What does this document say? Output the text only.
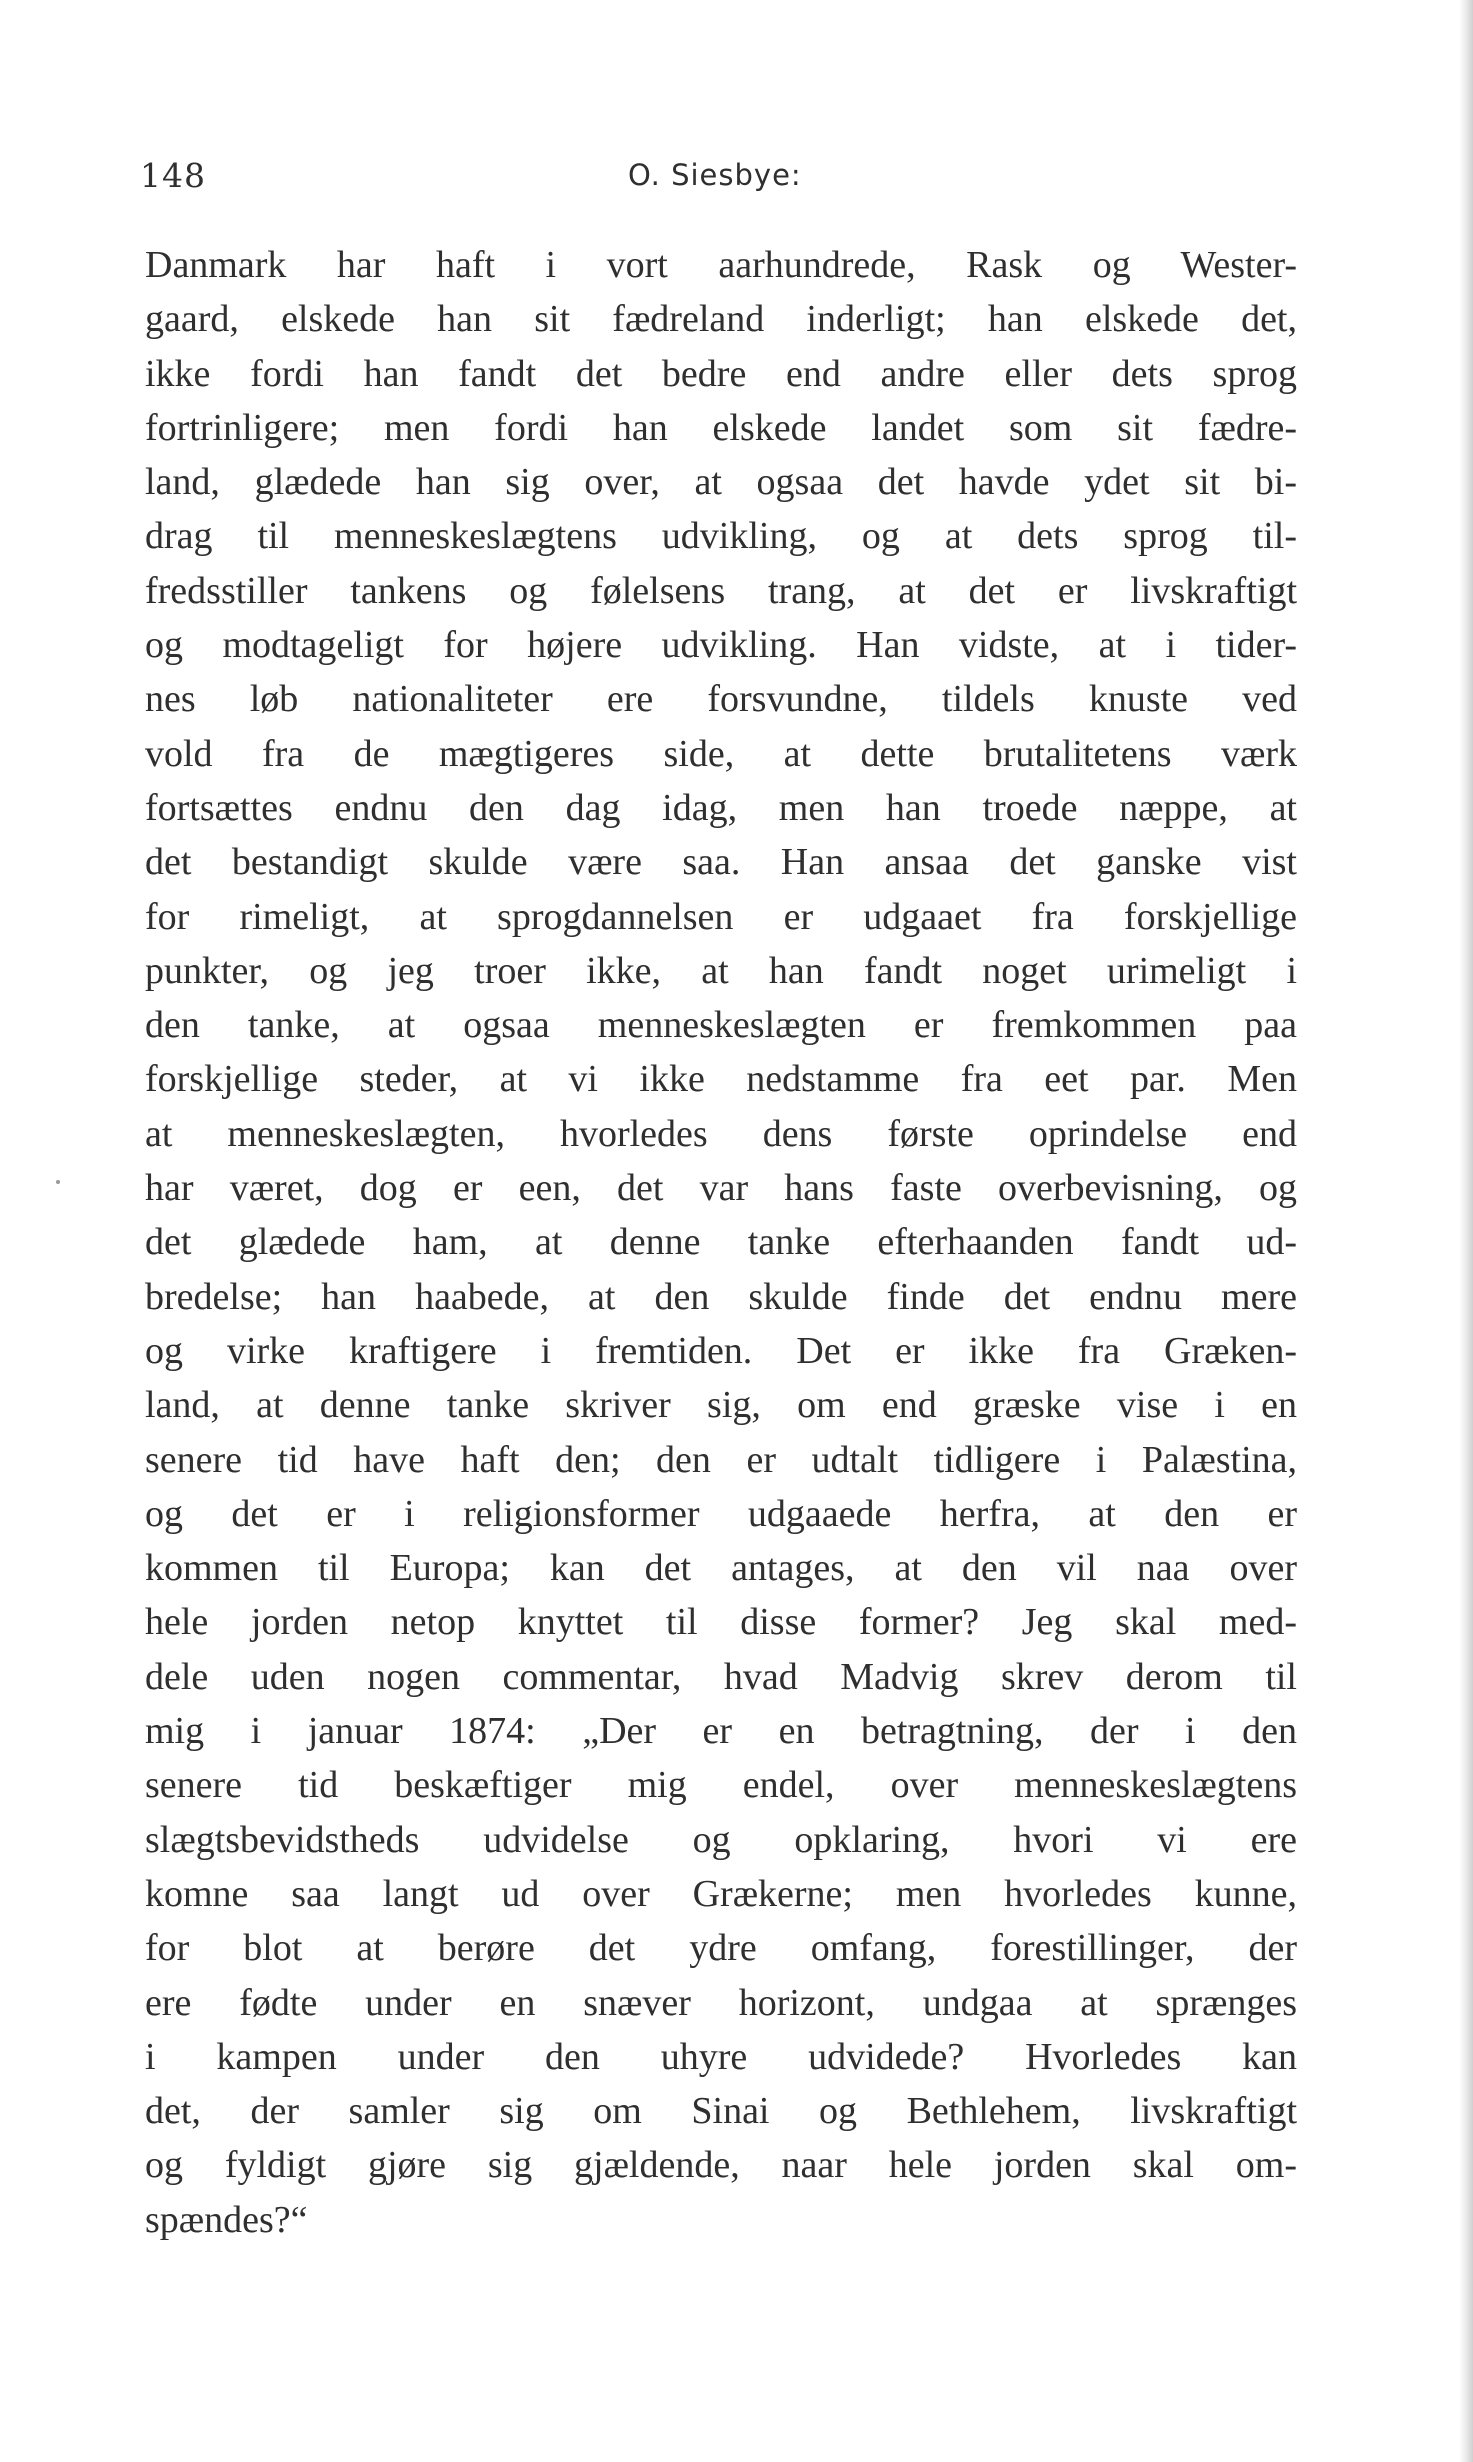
148	O. Siesbye:
Danmark har haft i vort aarhundrede, Rask og Wester-
gaard, elskede han sit fædreland inderligt; han elskede det,
ikke fordi han fandt det bedre end andre eller dets sprog
fortrinligere; men fordi han elskede landet som sit fædre-
land, glædede han sig over, at ogsaa det havde ydet sit bi-
drag til menneskeslægtens udvikling, og at dets sprog til-
fredsstiller tankens og følelsens trang, at det er livskraftigt
og modtageligt for højere udvikling. Han vidste, at i tider-
nes løb nationaliteter ere forsvundne, tildels knuste ved
vold fra de mægtigeres side, at dette brutalitetens værk
fortsættes endnu den dag idag, men han troede næppe, at
det bestandigt skulde være saa. Han ansaa det ganske vist
for rimeligt, at sprogdannelsen er udgaaet fra forskjellige
punkter, og jeg troer ikke, at han fandt noget urimeligt i
den tanke, at ogsaa menneskeslægten er fremkommen paa
forskjellige steder, at vi ikke nedstamme fra eet par. Men
at menneskeslægten, hvorledes dens første oprindelse end
har været, dog er een, det var hans faste overbevisning, og
det glædede ham, at denne tanke efterhaanden fandt ud-
bredelse; han haabede, at den skulde finde det endnu mere
og virke kraftigere i fremtiden. Det er ikke fra Græken-
land, at denne tanke skriver sig, om end græske vise i en
senere tid have haft den; den er udtalt tidligere i Palæstina,
og det er i religionsformer udgaaede herfra, at den er
kommen til Europa; kan det antages, at den vil naa over
hele jorden netop knyttet til disse former? Jeg skal med-
dele uden nogen commentar, hvad Madvig skrev derom til
mig i januar 1874: „Der er en betragtning, der i den
senere tid beskæftiger mig endel, over menneskeslægtens
slægtsbevidstheds udvidelse og opklaring, hvori vi ere
komne saa langt ud over Grækerne; men hvorledes kunne,
for blot at berøre det ydre omfang, forestillinger, der
ere fødte under en snæver horizont, undgaa at sprænges
i kampen under den uhyre udvidede? Hvorledes kan
det, der samler sig om Sinai og Bethlehem, livskraftigt
og fyldigt gjøre sig gjældende, naar hele jorden skal om-
spændes?“
